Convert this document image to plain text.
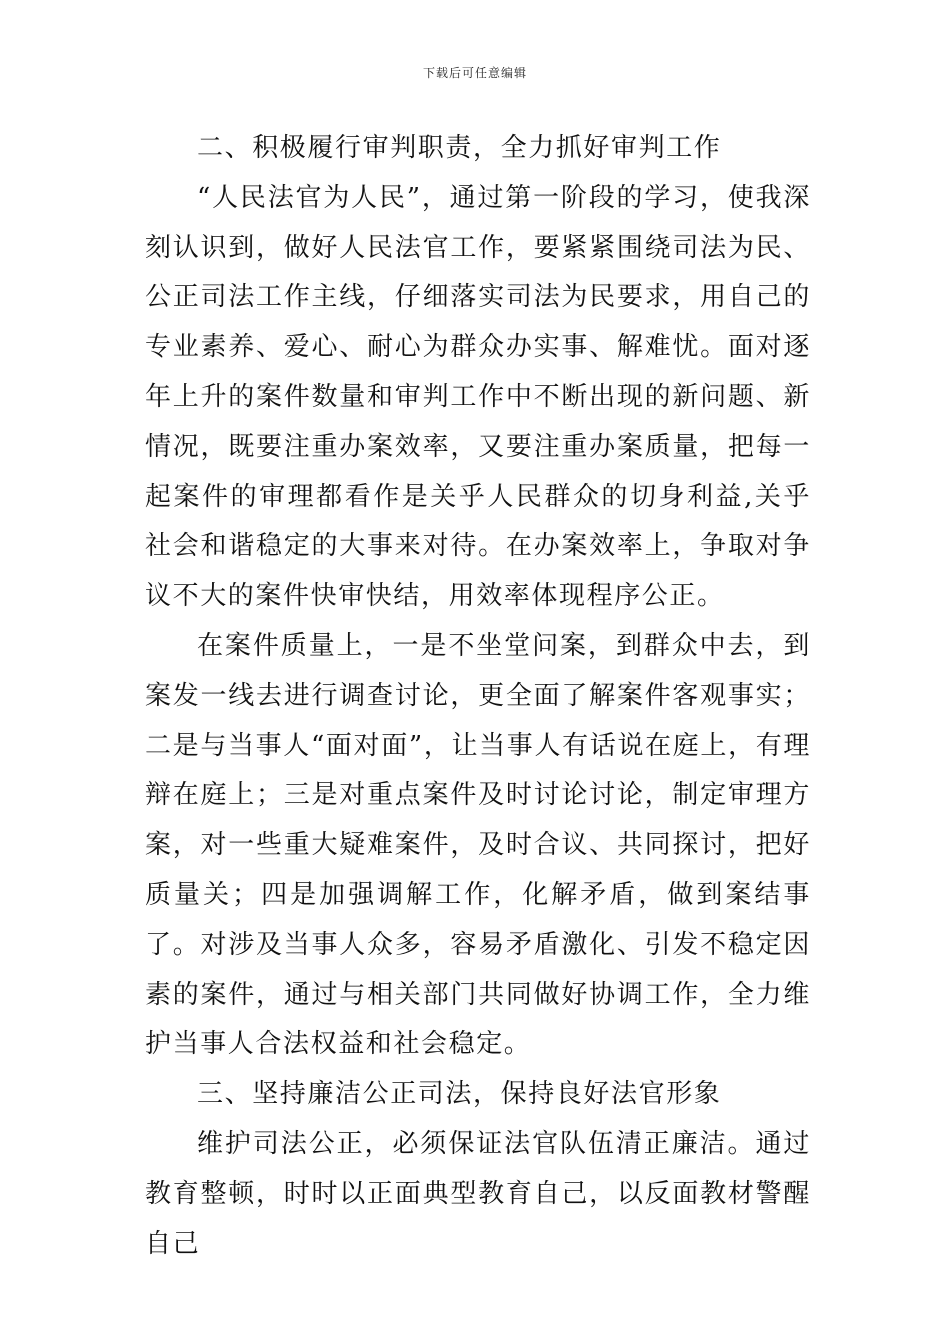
下载后可任意编辑

二、积极履行审判职责，全力抓好审判工作

“人民法官为人民”，通过第一阶段的学习，使我深刻认识到，做好人民法官工作，要紧紧围绕司法为民、公正司法工作主线，仔细落实司法为民要求，用自己的专业素养、爱心、耐心为群众办实事、解难忧。面对逐年上升的案件数量和审判工作中不断出现的新问题、新情况，既要注重办案效率，又要注重办案质量，把每一起案件的审理都看作是关乎人民群众的切身利益,关乎社会和谐稳定的大事来对待。在办案效率上，争取对争议不大的案件快审快结，用效率体现程序公正。

在案件质量上，一是不坐堂问案，到群众中去，到案发一线去进行调查讨论，更全面了解案件客观事实；二是与当事人“面对面”，让当事人有话说在庭上，有理辩在庭上；三是对重点案件及时讨论讨论，制定审理方案，对一些重大疑难案件，及时合议、共同探讨，把好质量关；四是加强调解工作，化解矛盾，做到案结事了。对涉及当事人众多，容易矛盾激化、引发不稳定因素的案件，通过与相关部门共同做好协调工作，全力维护当事人合法权益和社会稳定。

三、坚持廉洁公正司法，保持良好法官形象

维护司法公正，必须保证法官队伍清正廉洁。通过教育整顿，时时以正面典型教育自己，以反面教材警醒自己
